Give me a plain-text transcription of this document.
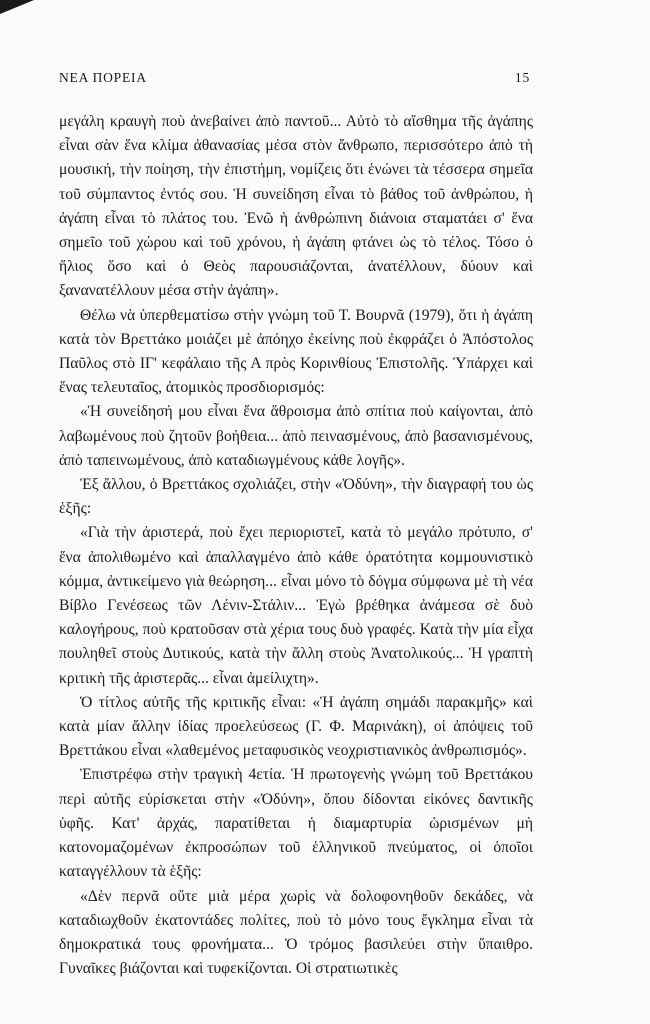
ΝΕΑ ΠΟΡΕΙΑ	15

μεγάλη κραυγὴ ποὺ ἀνεβαίνει ἀπὸ παντοῦ... Αὐτὸ τὸ αἴσθημα τῆς ἀγάπης εἶναι σὰν ἕνα κλίμα ἀθανασίας μέσα στὸν ἄνθρωπο, περισσότερο ἀπὸ τὴ μουσική, τὴν ποίηση, τὴν ἐπιστήμη, νομίζεις ὅτι ἑνώνει τὰ τέσσερα σημεῖα τοῦ σύμπαντος ἐντός σου. Ἡ συνείδηση εἶναι τὸ βάθος τοῦ ἀνθρώπου, ἡ ἀγάπη εἶναι τὸ πλάτος του. Ἐνῶ ἡ ἀνθρώπινη διάνοια σταματάει σ' ἕνα σημεῖο τοῦ χώρου καὶ τοῦ χρόνου, ἡ ἀγάπη φτάνει ὡς τὸ τέλος. Τόσο ὁ ἥλιος ὅσο καὶ ὁ Θεὸς παρουσιάζονται, ἀνατέλλουν, δύουν καὶ ξανανατέλλουν μέσα στὴν ἀγάπη».

Θέλω νὰ ὑπερθεματίσω στὴν γνώμη τοῦ Τ. Βουρνᾶ (1979), ὅτι ἡ ἀγάπη κατὰ τὸν Βρεττάκο μοιάζει μὲ ἀπόηχο ἐκείνης ποὺ ἐκφράζει ὁ Ἀπόστολος Παῦλος στὸ ΙΓ' κεφάλαιο τῆς Α πρὸς Κορινθίους Ἐπιστολῆς. Ὑπάρχει καὶ ἕνας τελευταῖος, ἀτομικὸς προσδιορισμός:

«Ἡ συνείδησή μου εἶναι ἕνα ἄθροισμα ἀπὸ σπίτια ποὺ καίγονται, ἀπὸ λαβωμένους ποὺ ζητοῦν βοήθεια... ἀπὸ πεινασμένους, ἀπὸ βασανισμένους, ἀπὸ ταπεινωμένους, ἀπὸ καταδιωγμένους κάθε λογῆς».

Ἐξ ἄλλου, ὁ Βρεττάκος σχολιάζει, στὴν «Ὀδύνη», τὴν διαγραφή του ὡς ἑξῆς:

«Γιὰ τὴν ἀριστερά, ποὺ ἔχει περιοριστεῖ, κατὰ τὸ μεγάλο πρότυπο, σ' ἕνα ἀπολιθωμένο καὶ ἀπαλλαγμένο ἀπὸ κάθε ὁρατότητα κομμουνιστικὸ κόμμα, ἀντικείμενο γιὰ θεώρηση... εἶναι μόνο τὸ δόγμα σύμφωνα μὲ τὴ νέα Βίβλο Γενέσεως τῶν Λένιν-Στάλιν... Ἐγὼ βρέθηκα ἀνάμεσα σὲ δυὸ καλογήρους, ποὺ κρατοῦσαν στὰ χέρια τους δυὸ γραφές. Κατὰ τὴν μία εἶχα πουληθεῖ στοὺς Δυτικούς, κατὰ τὴν ἄλλη στοὺς Ἀνατολικούς... Ἡ γραπτὴ κριτικὴ τῆς ἀριστερᾶς... εἶναι ἀμείλιχτη».

Ὁ τίτλος αὐτῆς τῆς κριτικῆς εἶναι: «Ἡ ἀγάπη σημάδι παρακμῆς» καὶ κατὰ μίαν ἄλλην ἰδίας προελεύσεως (Γ. Φ. Μαρινάκη), οἱ ἀπόψεις τοῦ Βρεττάκου εἶναι «λαθεμένος μεταφυσικὸς νεοχριστιανικὸς ἀνθρωπισμός».

Ἐπιστρέφω στὴν τραγικὴ 4ετία. Ἡ πρωτογενὴς γνώμη τοῦ Βρεττάκου περὶ αὐτῆς εὑρίσκεται στὴν «Ὀδύνη», ὅπου δίδονται εἰκόνες δαντικῆς ὑφῆς. Κατ' ἀρχάς, παρατίθεται ἡ διαμαρτυρία ὡρισμένων μὴ κατονομαζομένων ἐκπροσώπων τοῦ ἑλληνικοῦ πνεύματος, οἱ ὁποῖοι καταγγέλλουν τὰ ἑξῆς:

«Δὲν περνᾶ οὔτε μιὰ μέρα χωρὶς νὰ δολοφονηθοῦν δεκάδες, νὰ καταδιωχθοῦν ἑκατοντάδες πολίτες, ποὺ τὸ μόνο τους ἔγκλημα εἶναι τὰ δημοκρατικά τους φρονήματα... Ὁ τρόμος βασιλεύει στὴν ὕπαιθρο. Γυναῖκες βιάζονται καὶ τυφεκίζονται. Οἱ στρατιωτικὲς
